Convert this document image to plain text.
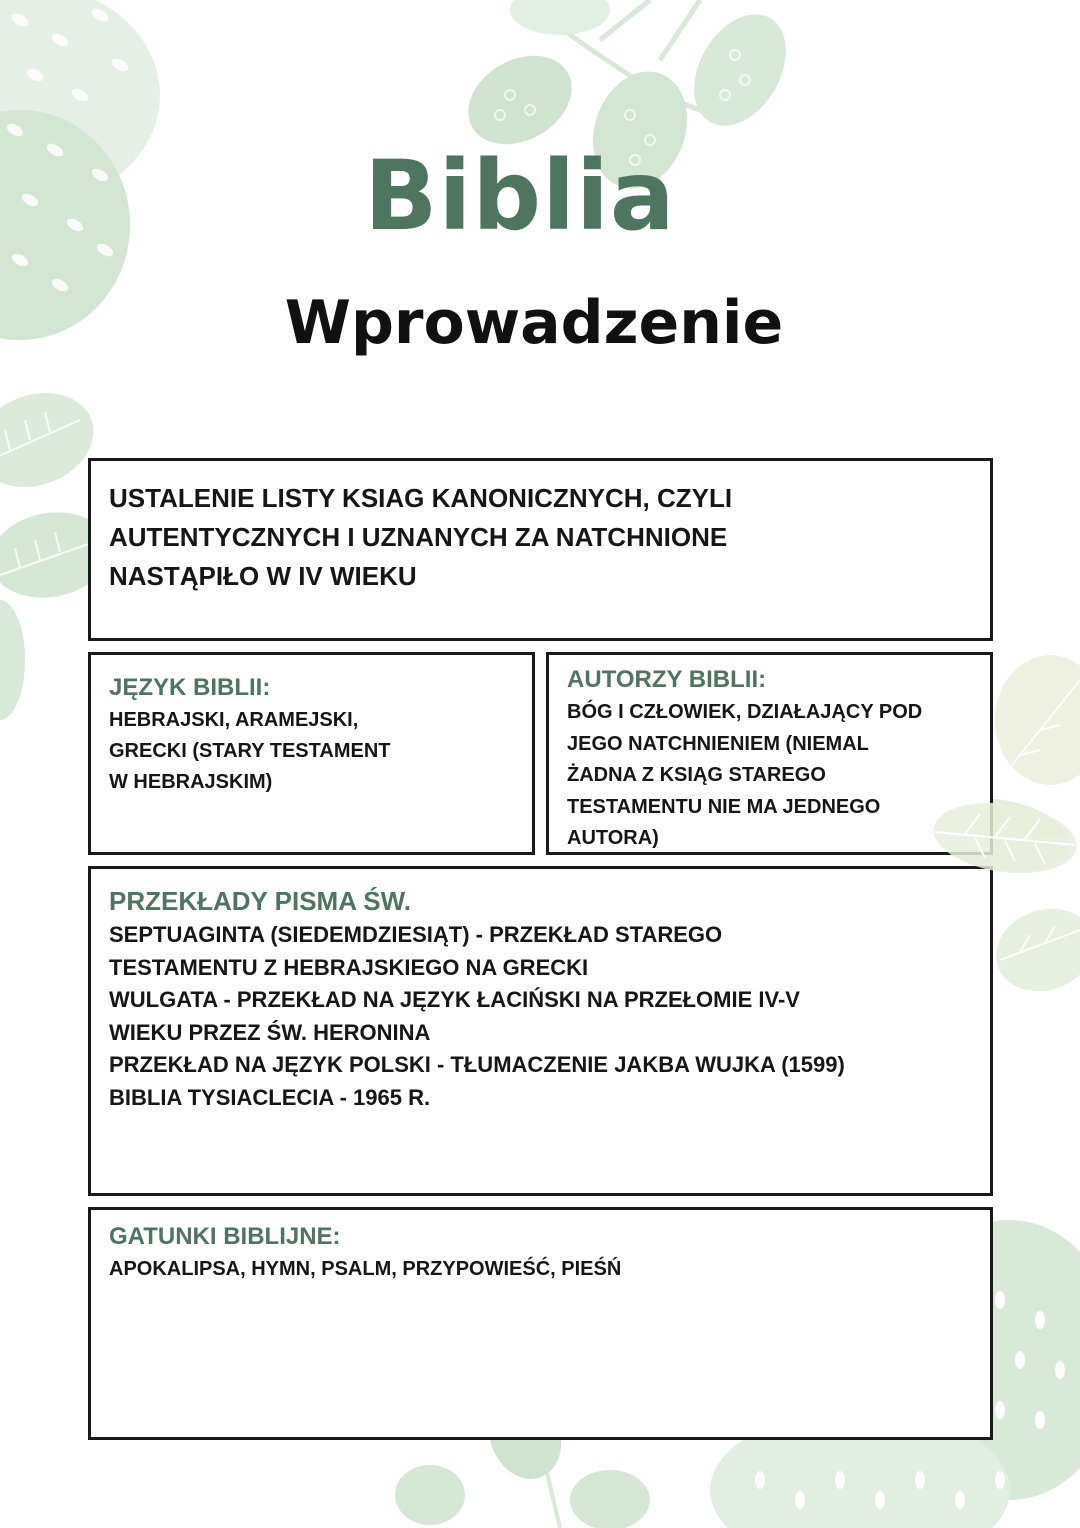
Biblia
Wprowadzenie
USTALENIE LISTY KSIAG KANONICZNYCH, CZYLI
AUTENTYCZNYCH I UZNANYCH ZA NATCHNIONE
NASTĄPIŁO W IV WIEKU
JĘZYK BIBLII:
HEBRAJSKI, ARAMEJSKI,
GRECKI (STARY TESTAMENT
W HEBRAJSKIM)
AUTORZY BIBLII:
BÓG I CZŁOWIEK, DZIAŁAJĄCY POD
JEGO NATCHNIENIEM (NIEMAL
ŻADNA Z KSIĄG STAREGO
TESTAMENTU NIE MA JEDNEGO
AUTORA)
PRZEKŁADY PISMA ŚW.
SEPTUAGINTA (SIEDEMDZIESIĄT) - PRZEKŁAD STAREGO
TESTAMENTU Z HEBRAJSKIEGO NA GRECKI
WULGATA - PRZEKŁAD NA JĘZYK ŁACIŃSKI NA PRZEŁOMIE IV-V
WIEKU PRZEZ ŚW. HERONINA
PRZEKŁAD NA JĘZYK POLSKI - TŁUMACZENIE JAKBA WUJKA (1599)
BIBLIA TYSIACLECIA - 1965 R.
GATUNKI BIBLIJNE:
APOKALIPSA, HYMN, PSALM, PRZYPOWIEŚĆ, PIEŚŃ
